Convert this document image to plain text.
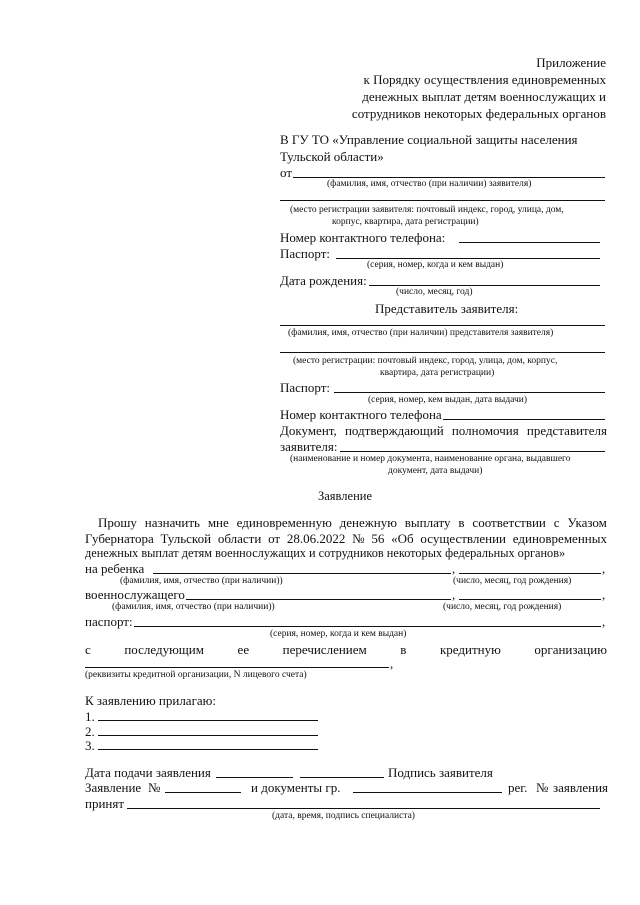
Приложение
к Порядку осуществления единовременных
денежных выплат детям военнослужащих и
сотрудников некоторых федеральных органов
В ГУ ТО «Управление социальной защиты населения
Тульской области»
от
(фамилия, имя, отчество (при наличии) заявителя)
(место регистрации заявителя: почтовый индекс, город, улица, дом,
корпус, квартира, дата регистрации)
Номер контактного телефона:
Паспорт:
(серия, номер, когда и кем выдан)
Дата рождения:
(число, месяц, год)
Представитель заявителя:
(фамилия, имя, отчество (при наличии) представителя заявителя)
(место регистрации: почтовый индекс, город, улица, дом, корпус,
квартира, дата регистрации)
Паспорт:
(серия, номер, кем выдан, дата выдачи)
Номер контактного телефона
Документ, подтверждающий полномочия представителя
заявителя:
(наименование и номер документа, наименование органа, выдавшего
документ, дата выдачи)
Заявление
Прошу назначить мне единовременную денежную выплату в соответствии с Указом
Губернатора Тульской области от 28.06.2022 № 56 «Об осуществлении единовременных
денежных выплат детям военнослужащих и сотрудников некоторых федеральных органов»
на ребенка	,	,
(фамилия, имя, отчество (при наличии))	(число, месяц, год рождения)
военнослужащего	,	,
(фамилия, имя, отчество (при наличии))	(число, месяц, год рождения)
паспорт:	,
(серия, номер, когда и кем выдан)
с	последующим	ее	перечислением	в	кредитную	организацию
,
(реквизиты кредитной организации, N лицевого счета)
К заявлению прилагаю:
1.
2.
3.
Дата подачи заявления	Подпись заявителя
Заявление №	и документы гр.	рег. № заявления
принят
(дата, время, подпись специалиста)
